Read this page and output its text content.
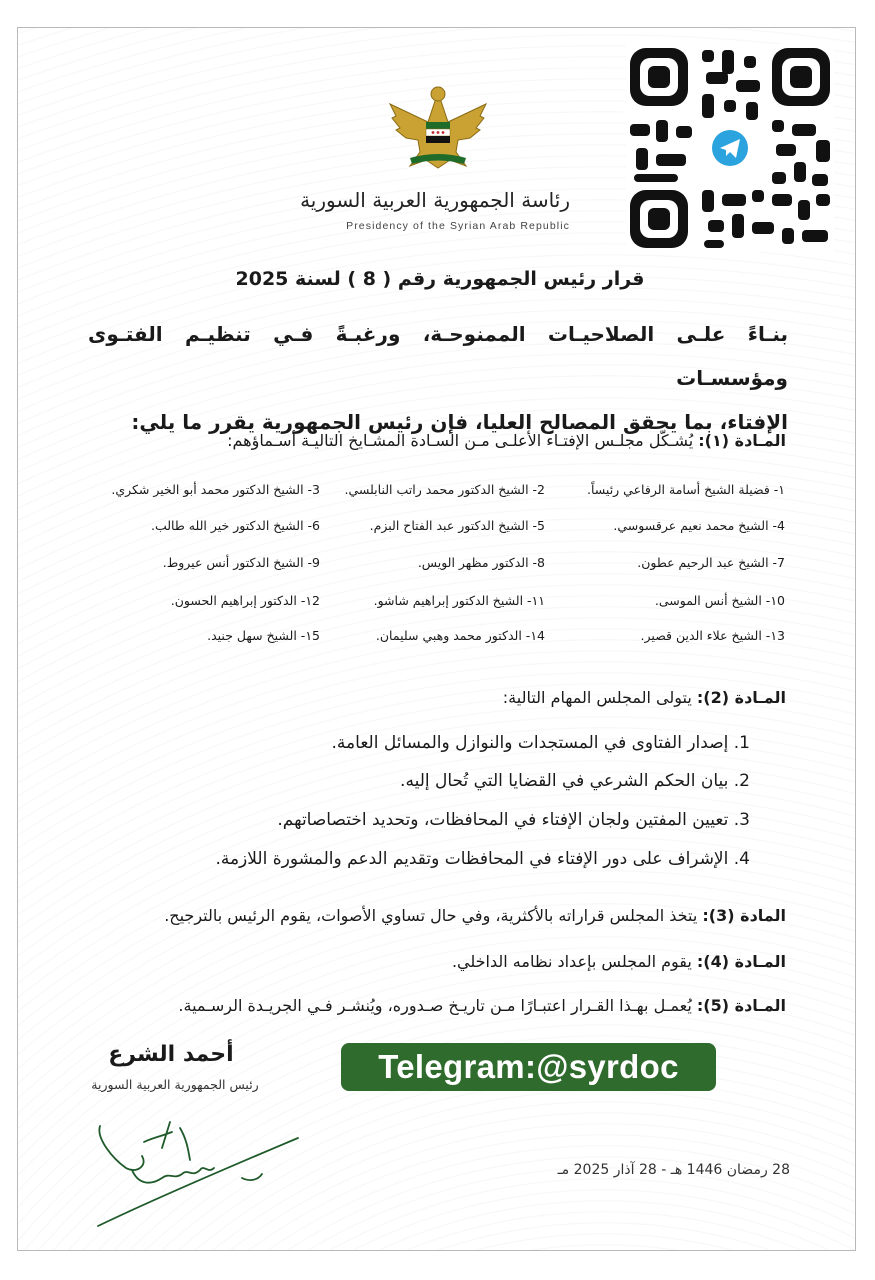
رئاسة الجمهورية العربية السورية
Presidency of the Syrian Arab Republic
قرار رئيس الجمهورية رقم ( 8 ) لسنة 2025
بنـاءً علـى الصلاحيـات الممنوحـة، ورغبـةً فـي تنظيـم الفتـوى ومؤسسـات
الإفتاء، بما يحقق المصالح العليا، فإن رئيس الجمهورية يقرر ما يلي:
المـادة (١): يُشـكّل مجلـس الإفتـاء الأعلـى مـن السـادة المشـايخ التاليـة أسـماؤهم:
١- فضيلة الشيخ أسامة الرفاعي رئيساً.
2- الشيخ الدكتور محمد راتب النابلسي.
3- الشيخ الدكتور محمد أبو الخير شكري.
4- الشيخ محمد نعيم عرقسوسي.
5- الشيخ الدكتور عبد الفتاح البزم.
6- الشيخ الدكتور خير الله طالب.
7- الشيخ عبد الرحيم عطون.
8- الدكتور مظهر الويس.
9- الشيخ الدكتور أنس عيروط.
١0- الشيخ أنس الموسى.
١١- الشيخ الدكتور إبراهيم شاشو.
١2- الدكتور إبراهيم الحسون.
١3- الشيخ علاء الدين قصير.
١4- الدكتور محمد وهبي سليمان.
١5- الشيخ سهل جنيد.
المـادة (2): يتولى المجلس المهام التالية:
1. إصدار الفتاوى في المستجدات والنوازل والمسائل العامة.
2. بيان الحكم الشرعي في القضايا التي تُحال إليه.
3. تعيين المفتين ولجان الإفتاء في المحافظات، وتحديد اختصاصاتهم.
4. الإشراف على دور الإفتاء في المحافظات وتقديم الدعم والمشورة اللازمة.
المادة (3): يتخذ المجلس قراراته بالأكثرية، وفي حال تساوي الأصوات، يقوم الرئيس بالترجيح.
المـادة (4): يقوم المجلس بإعداد نظامه الداخلي.
المـادة (5): يُعمـل بهـذا القـرار اعتبـارًا مـن تاريـخ صـدوره، ويُنشـر فـي الجريـدة الرسـمية.
Telegram:@syrdoc
أحمد الشرع
رئيس الجمهورية العربية السورية
28 رمضان 1446 هـ - 28 آذار 2025 مـ
